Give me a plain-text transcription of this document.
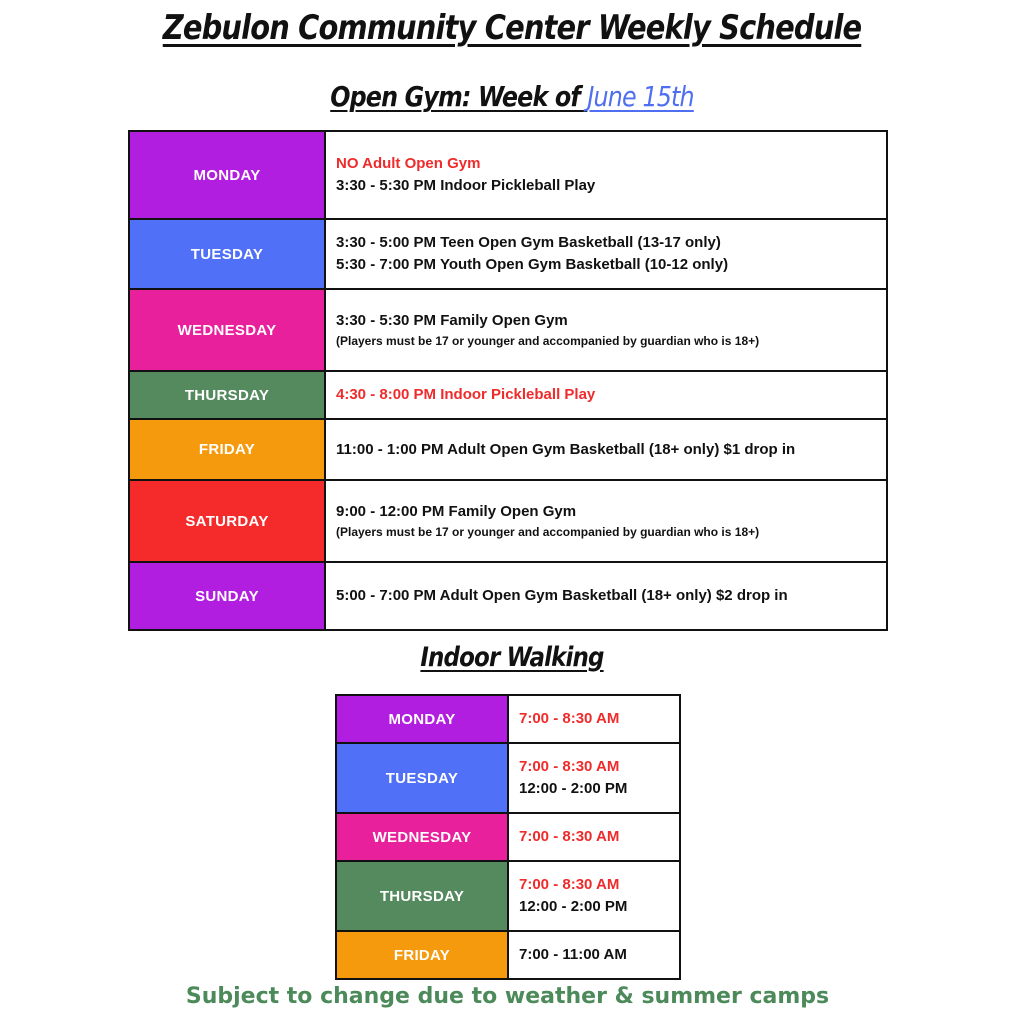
Zebulon Community Center Weekly Schedule
Open Gym: Week of June 15th
MONDAY	NO Adult Open Gym
3:30 - 5:30 PM Indoor Pickleball Play

TUESDAY	3:30 - 5:00 PM Teen Open Gym Basketball (13-17 only)
5:30 - 7:00 PM Youth Open Gym Basketball (10-12 only)

WEDNESDAY	3:30 - 5:30 PM Family Open Gym
(Players must be 17 or younger and accompanied by guardian who is 18+)

THURSDAY	4:30 - 8:00 PM Indoor Pickleball Play

FRIDAY	11:00 - 1:00 PM Adult Open Gym Basketball (18+ only) $1 drop in

SATURDAY	9:00 - 12:00 PM Family Open Gym
(Players must be 17 or younger and accompanied by guardian who is 18+)

SUNDAY	5:00 - 7:00 PM Adult Open Gym Basketball (18+ only) $2 drop in
Indoor Walking
MONDAY	7:00 - 8:30 AM

TUESDAY	7:00 - 8:30 AM
12:00 - 2:00 PM

WEDNESDAY	7:00 - 8:30 AM

THURSDAY	7:00 - 8:30 AM
12:00 - 2:00 PM

FRIDAY	7:00 - 11:00 AM
Subject to change due to weather & summer camps
